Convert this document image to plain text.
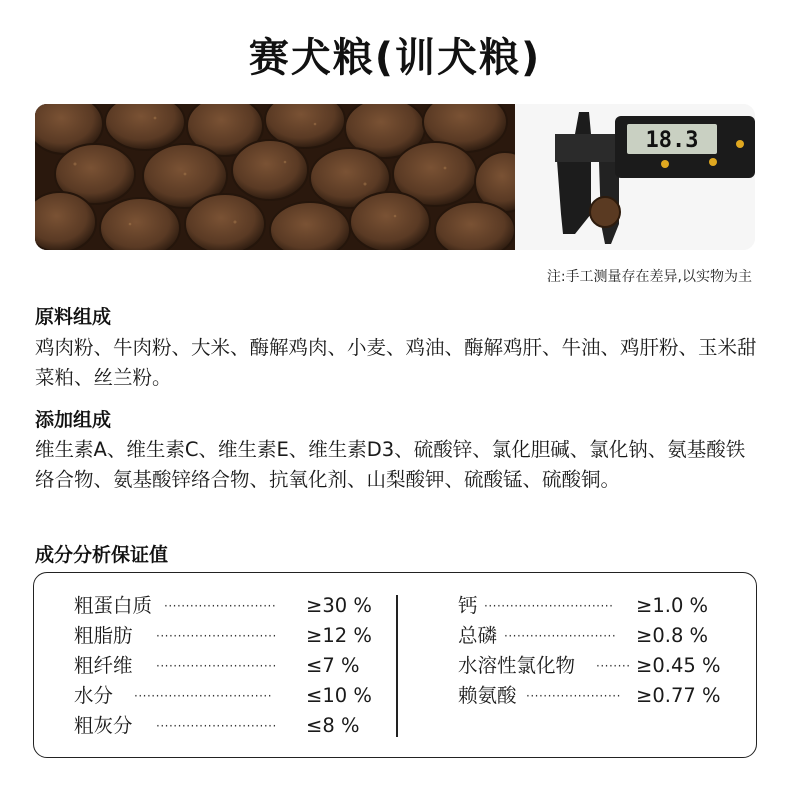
赛犬粮(训犬粮)
18.3
注:手工测量存在差异,以实物为主
原料组成
鸡肉粉、牛肉粉、大米、酶解鸡肉、小麦、鸡油、酶解鸡肝、牛油、鸡肝粉、玉米甜菜粕、丝兰粉。
添加组成
维生素A、维生素C、维生素E、维生素D3、硫酸锌、氯化胆碱、氯化钠、氨基酸铁络合物、氨基酸锌络合物、抗氧化剂、山梨酸钾、硫酸锰、硫酸铜。
成分分析保证值
粗蛋白质 ··························	≥30 %
粗脂肪 ····························	≥12 %
粗纤维 ····························	≤7 %
水分 ································	≤10 %
粗灰分 ····························	≤8 %
钙 ······························	≥1.0 %
总磷 ··························	≥0.8 %
水溶性氯化物 ········ ≥0.45 %
赖氨酸 ······················ ≥0.77 %
